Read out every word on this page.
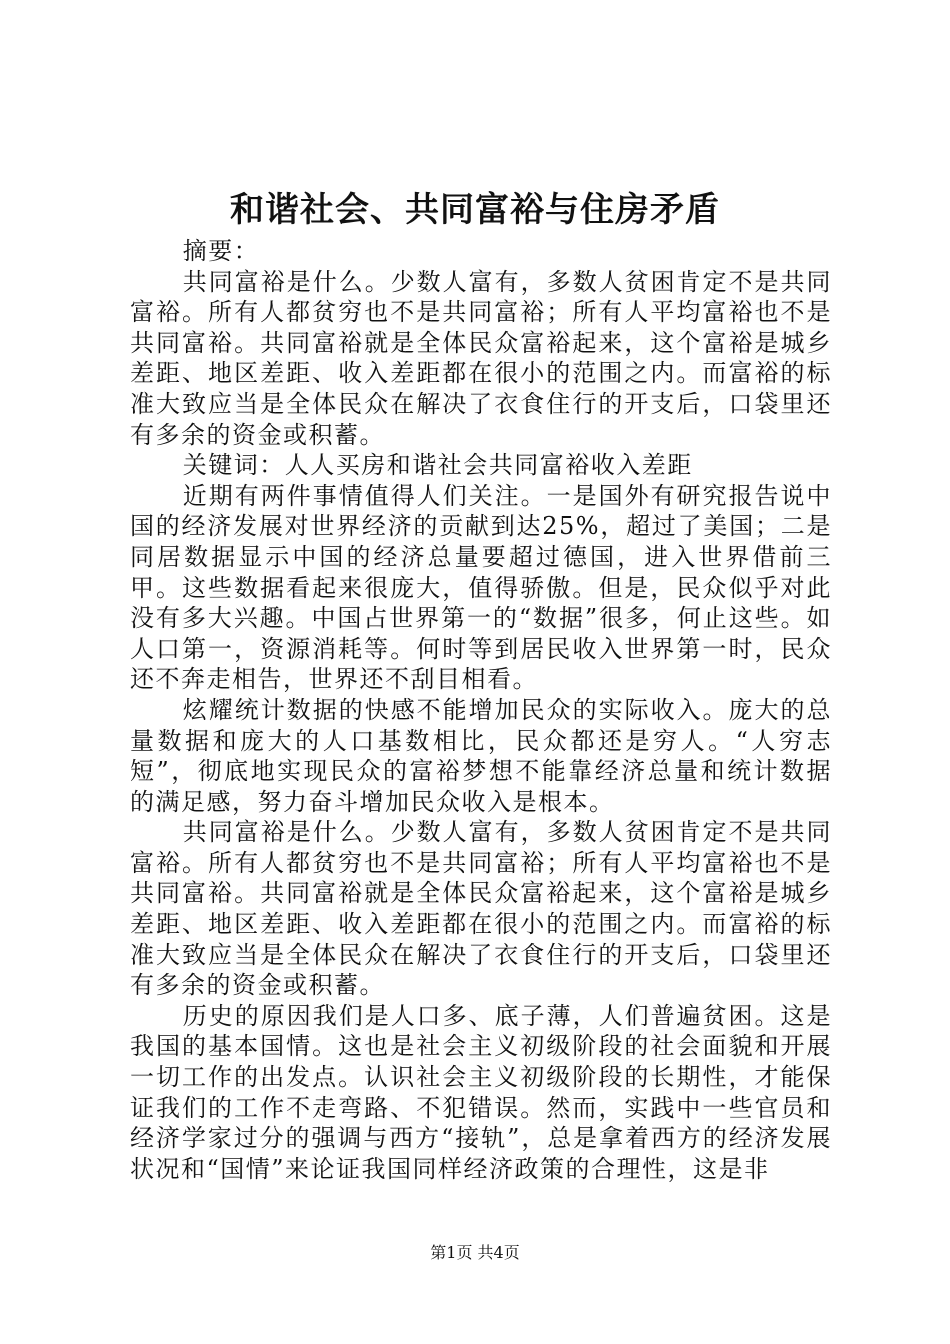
和谐社会、共同富裕与住房矛盾

摘要：

共同富裕是什么。少数人富有，多数人贫困肯定不是共同富裕。所有人都贫穷也不是共同富裕；所有人平均富裕也不是共同富裕。共同富裕就是全体民众富裕起来，这个富裕是城乡差距、地区差距、收入差距都在很小的范围之内。而富裕的标准大致应当是全体民众在解决了衣食住行的开支后，口袋里还有多余的资金或积蓄。

关键词：人人买房和谐社会共同富裕收入差距

近期有两件事情值得人们关注。一是国外有研究报告说中国的经济发展对世界经济的贡献到达25%，超过了美国；二是同居数据显示中国的经济总量要超过德国，进入世界借前三甲。这些数据看起来很庞大，值得骄傲。但是，民众似乎对此没有多大兴趣。中国占世界第一的“数据”很多，何止这些。如人口第一，资源消耗等。何时等到居民收入世界第一时，民众还不奔走相告，世界还不刮目相看。

炫耀统计数据的快感不能增加民众的实际收入。庞大的总量数据和庞大的人口基数相比，民众都还是穷人。“人穷志短”，彻底地实现民众的富裕梦想不能靠经济总量和统计数据的满足感，努力奋斗增加民众收入是根本。

共同富裕是什么。少数人富有，多数人贫困肯定不是共同富裕。所有人都贫穷也不是共同富裕；所有人平均富裕也不是共同富裕。共同富裕就是全体民众富裕起来，这个富裕是城乡差距、地区差距、收入差距都在很小的范围之内。而富裕的标准大致应当是全体民众在解决了衣食住行的开支后，口袋里还有多余的资金或积蓄。

历史的原因我们是人口多、底子薄，人们普遍贫困。这是我国的基本国情。这也是社会主义初级阶段的社会面貌和开展一切工作的出发点。认识社会主义初级阶段的长期性，才能保证我们的工作不走弯路、不犯错误。然而，实践中一些官员和经济学家过分的强调与西方“接轨”，总是拿着西方的经济发展状况和“国情”来论证我国同样经济政策的合理性，这是非

第1页 共4页
